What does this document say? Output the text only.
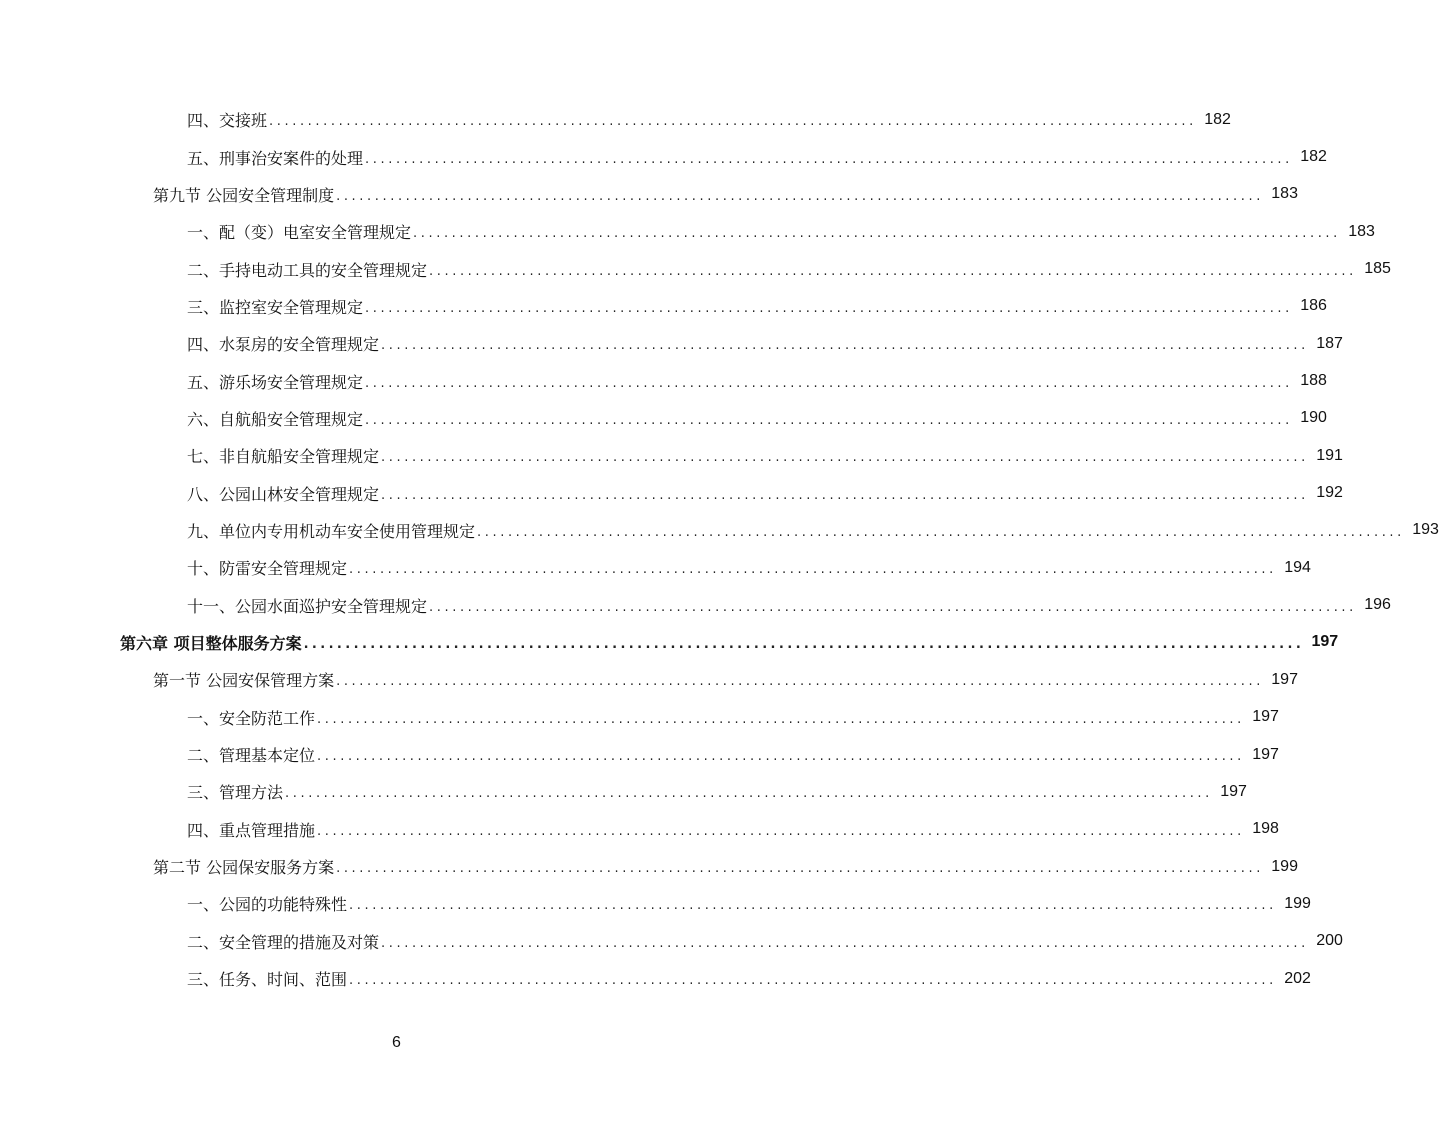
四、交接班 ........................................................................................................................ 182
五、刑事治安案件的处理 ........................................................................................................................ 182
第九节 公园安全管理制度 ........................................................................................................................ 183
一、配（变）电室安全管理规定 ........................................................................................................................ 183
二、手持电动工具的安全管理规定 ........................................................................................................................ 185
三、监控室安全管理规定 ........................................................................................................................ 186
四、水泵房的安全管理规定 ........................................................................................................................ 187
五、游乐场安全管理规定 ........................................................................................................................ 188
六、自航船安全管理规定 ........................................................................................................................ 190
七、非自航船安全管理规定 ........................................................................................................................ 191
八、公园山林安全管理规定 ........................................................................................................................ 192
九、单位内专用机动车安全使用管理规定 ........................................................................................................................ 193
十、防雷安全管理规定 ........................................................................................................................ 194
十一、公园水面巡护安全管理规定 ........................................................................................................................ 196
第六章 项目整体服务方案 ........................................................................................................................ 197
第一节 公园安保管理方案 ........................................................................................................................ 197
一、安全防范工作 ........................................................................................................................ 197
二、管理基本定位 ........................................................................................................................ 197
三、管理方法 ........................................................................................................................ 197
四、重点管理措施 ........................................................................................................................ 198
第二节 公园保安服务方案 ........................................................................................................................ 199
一、公园的功能特殊性 ........................................................................................................................ 199
二、安全管理的措施及对策 ........................................................................................................................ 200
三、任务、时间、范围 ........................................................................................................................ 202
6
